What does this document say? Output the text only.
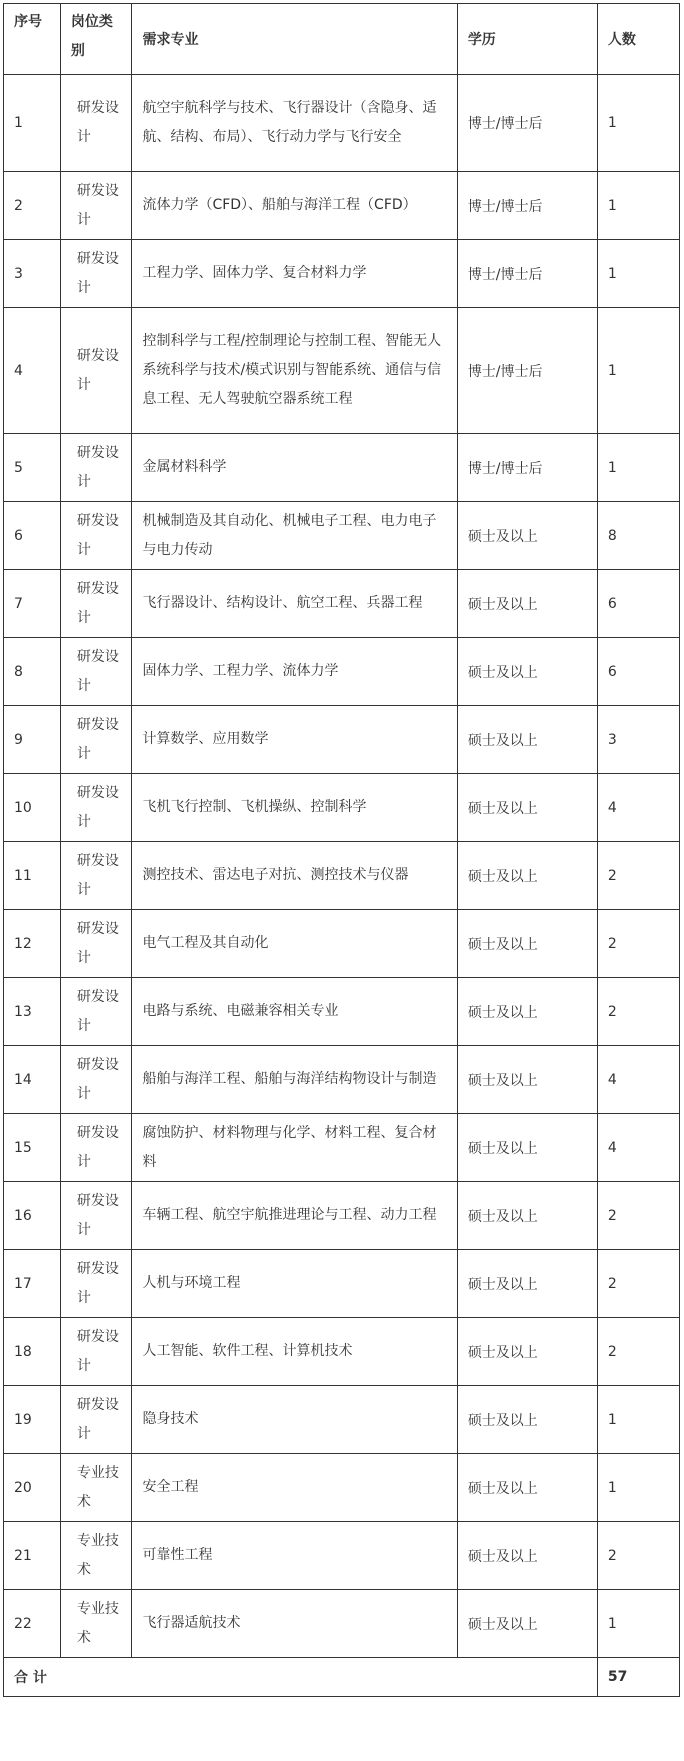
序号	岗位类别	需求专业	学历	人数
1	研发设计	航空宇航科学与技术、飞行器设计（含隐身、适航、结构、布局）、飞行动力学与飞行安全	博士/博士后	1
2	研发设计	流体力学（CFD）、船舶与海洋工程（CFD）	博士/博士后	1
3	研发设计	工程力学、固体力学、复合材料力学	博士/博士后	1
4	研发设计	控制科学与工程/控制理论与控制工程、智能无人系统科学与技术/模式识别与智能系统、通信与信息工程、无人驾驶航空器系统工程	博士/博士后	1
5	研发设计	金属材料科学	博士/博士后	1
6	研发设计	机械制造及其自动化、机械电子工程、电力电子与电力传动	硕士及以上	8
7	研发设计	飞行器设计、结构设计、航空工程、兵器工程	硕士及以上	6
8	研发设计	固体力学、工程力学、流体力学	硕士及以上	6
9	研发设计	计算数学、应用数学	硕士及以上	3
10	研发设计	飞机飞行控制、飞机操纵、控制科学	硕士及以上	4
11	研发设计	测控技术、雷达电子对抗、测控技术与仪器	硕士及以上	2
12	研发设计	电气工程及其自动化	硕士及以上	2
13	研发设计	电路与系统、电磁兼容相关专业	硕士及以上	2
14	研发设计	船舶与海洋工程、船舶与海洋结构物设计与制造	硕士及以上	4
15	研发设计	腐蚀防护、材料物理与化学、材料工程、复合材料	硕士及以上	4
16	研发设计	车辆工程、航空宇航推进理论与工程、动力工程	硕士及以上	2
17	研发设计	人机与环境工程	硕士及以上	2
18	研发设计	人工智能、软件工程、计算机技术	硕士及以上	2
19	研发设计	隐身技术	硕士及以上	1
20	专业技术	安全工程	硕士及以上	1
21	专业技术	可靠性工程	硕士及以上	2
22	专业技术	飞行器适航技术	硕士及以上	1
合 计				57
